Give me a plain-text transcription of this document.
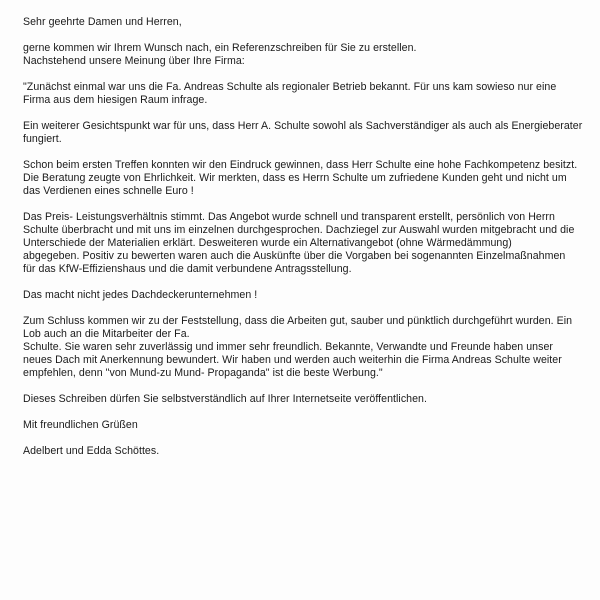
Sehr geehrte Damen und Herren,
gerne kommen wir Ihrem Wunsch nach, ein Referenzschreiben für Sie zu erstellen.
Nachstehend unsere Meinung über Ihre Firma:
"Zunächst einmal war uns die Fa. Andreas Schulte als regionaler Betrieb bekannt. Für uns kam sowieso nur eine
Firma aus dem hiesigen Raum infrage.
Ein weiterer Gesichtspunkt war für uns, dass Herr A. Schulte sowohl als Sachverständiger als auch als Energieberater
fungiert.
Schon beim ersten Treffen konnten wir den Eindruck gewinnen, dass Herr Schulte eine hohe Fachkompetenz besitzt.
Die Beratung zeugte von Ehrlichkeit. Wir merkten, dass es Herrn Schulte um zufriedene Kunden geht und nicht um
das Verdienen eines schnelle Euro !
Das Preis- Leistungsverhältnis stimmt. Das Angebot wurde schnell und transparent erstellt, persönlich von Herrn
Schulte überbracht und mit uns im einzelnen durchgesprochen. Dachziegel zur Auswahl wurden mitgebracht und die
Unterschiede der Materialien erklärt. Desweiteren wurde ein Alternativangebot (ohne Wärmedämmung)
abgegeben. Positiv zu bewerten waren auch die Auskünfte über die Vorgaben bei sogenannten Einzelmaßnahmen
für das KfW-Effizienshaus und die damit verbundene Antragsstellung.
Das macht nicht jedes Dachdeckerunternehmen !
Zum Schluss kommen wir zu der Feststellung, dass die Arbeiten gut, sauber und pünktlich durchgeführt wurden. Ein
Lob auch an die Mitarbeiter der Fa.
Schulte. Sie waren sehr zuverlässig und immer sehr freundlich. Bekannte, Verwandte und Freunde haben unser
neues Dach mit Anerkennung bewundert. Wir haben und werden auch weiterhin die Firma Andreas Schulte weiter
empfehlen, denn "von Mund-zu Mund- Propaganda" ist die beste Werbung."
Dieses Schreiben dürfen Sie selbstverständlich auf Ihrer Internetseite veröffentlichen.
Mit freundlichen Grüßen
Adelbert und Edda Schöttes.
